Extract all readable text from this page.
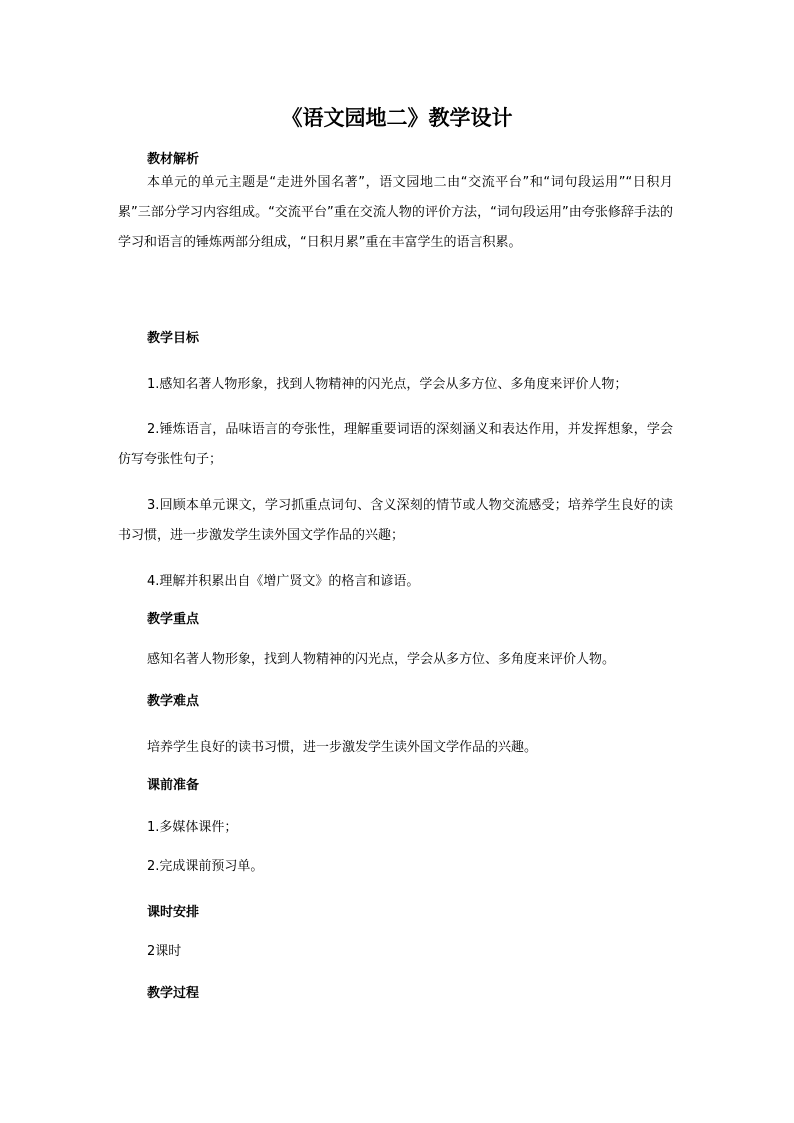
《语文园地二》教学设计
教材解析
本单元的单元主题是“走进外国名著”，语文园地二由“交流平台”和“词句段运用”“日积月累”三部分学习内容组成。“交流平台”重在交流人物的评价方法，“词句段运用”由夸张修辞手法的学习和语言的锤炼两部分组成，“日积月累”重在丰富学生的语言积累。
教学目标
1.感知名著人物形象，找到人物精神的闪光点，学会从多方位、多角度来评价人物；
2.锤炼语言，品味语言的夸张性，理解重要词语的深刻涵义和表达作用，并发挥想象，学会仿写夸张性句子；
3.回顾本单元课文，学习抓重点词句、含义深刻的情节或人物交流感受；培养学生良好的读书习惯，进一步激发学生读外国文学作品的兴趣；
4.理解并积累出自《增广贤文》的格言和谚语。
教学重点
感知名著人物形象，找到人物精神的闪光点，学会从多方位、多角度来评价人物。
教学难点
培养学生良好的读书习惯，进一步激发学生读外国文学作品的兴趣。
课前准备
1.多媒体课件；
2.完成课前预习单。
课时安排
2课时
教学过程
